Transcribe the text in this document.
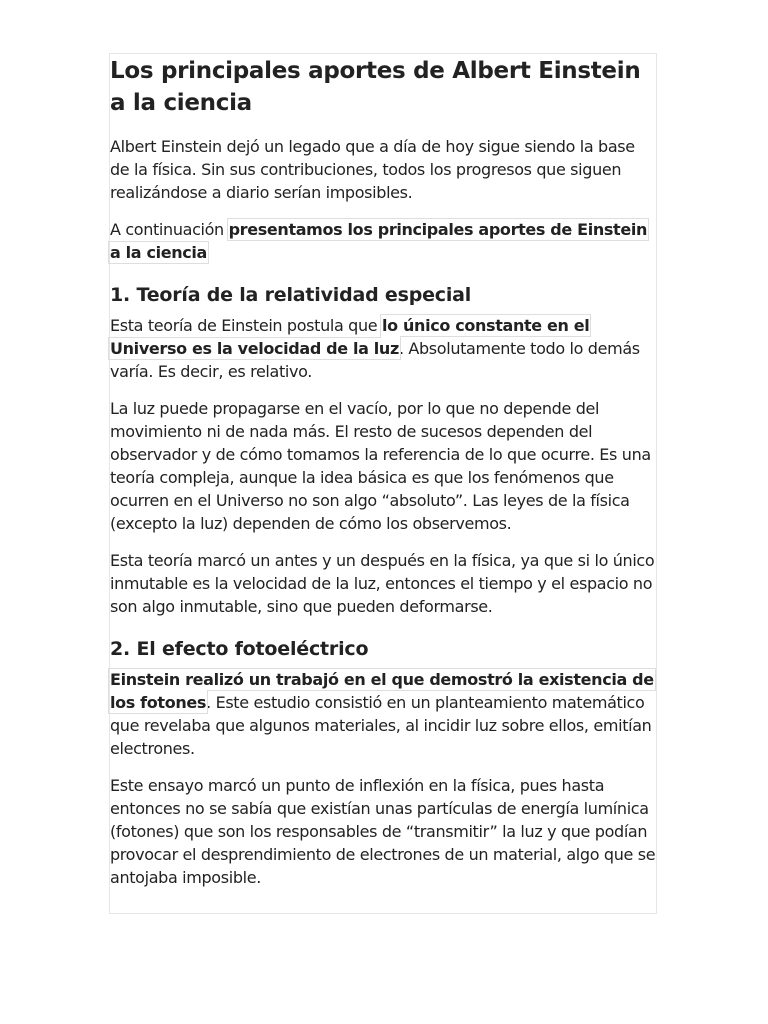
Los principales aportes de Albert Einstein a la ciencia

Albert Einstein dejó un legado que a día de hoy sigue siendo la base de la física. Sin sus contribuciones, todos los progresos que siguen realizándose a diario serían imposibles.

A continuación presentamos los principales aportes de Einstein a la ciencia

1. Teoría de la relatividad especial

Esta teoría de Einstein postula que lo único constante en el Universo es la velocidad de la luz. Absolutamente todo lo demás varía. Es decir, es relativo.

La luz puede propagarse en el vacío, por lo que no depende del movimiento ni de nada más. El resto de sucesos dependen del observador y de cómo tomamos la referencia de lo que ocurre. Es una teoría compleja, aunque la idea básica es que los fenómenos que ocurren en el Universo no son algo “absoluto”. Las leyes de la física (excepto la luz) dependen de cómo los observemos.

Esta teoría marcó un antes y un después en la física, ya que si lo único inmutable es la velocidad de la luz, entonces el tiempo y el espacio no son algo inmutable, sino que pueden deformarse.

2. El efecto fotoeléctrico

Einstein realizó un trabajó en el que demostró la existencia de los fotones. Este estudio consistió en un planteamiento matemático que revelaba que algunos materiales, al incidir luz sobre ellos, emitían electrones.

Este ensayo marcó un punto de inflexión en la física, pues hasta entonces no se sabía que existían unas partículas de energía lumínica (fotones) que son los responsables de “transmitir” la luz y que podían provocar el desprendimiento de electrones de un material, algo que se antojaba imposible.
